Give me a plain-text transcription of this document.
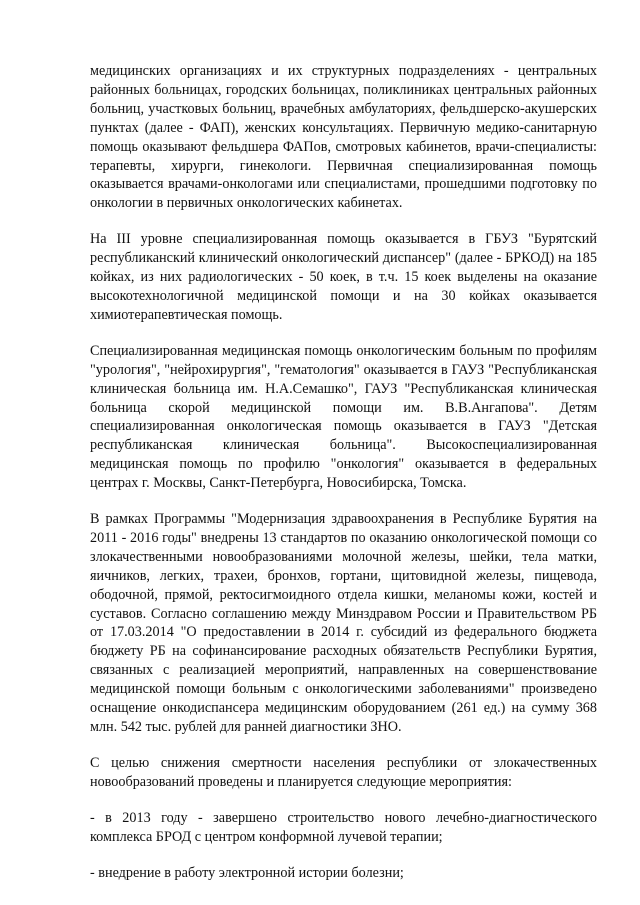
медицинских организациях и их структурных подразделениях - центральных районных больницах, городских больницах, поликлиниках центральных районных больниц, участковых больниц, врачебных амбулаториях, фельдшерско-акушерских пунктах (далее - ФАП), женских консультациях. Первичную медико-санитарную помощь оказывают фельдшера ФАПов, смотровых кабинетов, врачи-специалисты: терапевты, хирурги, гинекологи. Первичная специализированная помощь оказывается врачами-онкологами или специалистами, прошедшими подготовку по онкологии в первичных онкологических кабинетах.

На III уровне специализированная помощь оказывается в ГБУЗ "Бурятский республиканский клинический онкологический диспансер" (далее - БРКОД) на 185 койках, из них радиологических - 50 коек, в т.ч. 15 коек выделены на оказание высокотехнологичной медицинской помощи и на 30 койках оказывается химиотерапевтическая помощь.

Специализированная медицинская помощь онкологическим больным по профилям "урология", "нейрохирургия", "гематология" оказывается в ГАУЗ "Республиканская клиническая больница им. Н.А.Семашко", ГАУЗ "Республиканская клиническая больница скорой медицинской помощи им. В.В.Ангапова". Детям специализированная онкологическая помощь оказывается в ГАУЗ "Детская республиканская клиническая больница". Высокоспециализированная медицинская помощь по профилю "онкология" оказывается в федеральных центрах г. Москвы, Санкт-Петербурга, Новосибирска, Томска.

В рамках Программы "Модернизация здравоохранения в Республике Бурятия на 2011 - 2016 годы" внедрены 13 стандартов по оказанию онкологической помощи со злокачественными новообразованиями молочной железы, шейки, тела матки, яичников, легких, трахеи, бронхов, гортани, щитовидной железы, пищевода, ободочной, прямой, ректосигмоидного отдела кишки, меланомы кожи, костей и суставов. Согласно соглашению между Минздравом России и Правительством РБ от 17.03.2014 "О предоставлении в 2014 г. субсидий из федерального бюджета бюджету РБ на софинансирование расходных обязательств Республики Бурятия, связанных с реализацией мероприятий, направленных на совершенствование медицинской помощи больным с онкологическими заболеваниями" произведено оснащение онкодиспансера медицинским оборудованием (261 ед.) на сумму 368 млн. 542 тыс. рублей для ранней диагностики ЗНО.

С целью снижения смертности населения республики от злокачественных новообразований проведены и планируется следующие мероприятия:

- в 2013 году - завершено строительство нового лечебно-диагностического комплекса БРОД с центром конформной лучевой терапии;

- внедрение в работу электронной истории болезни;
